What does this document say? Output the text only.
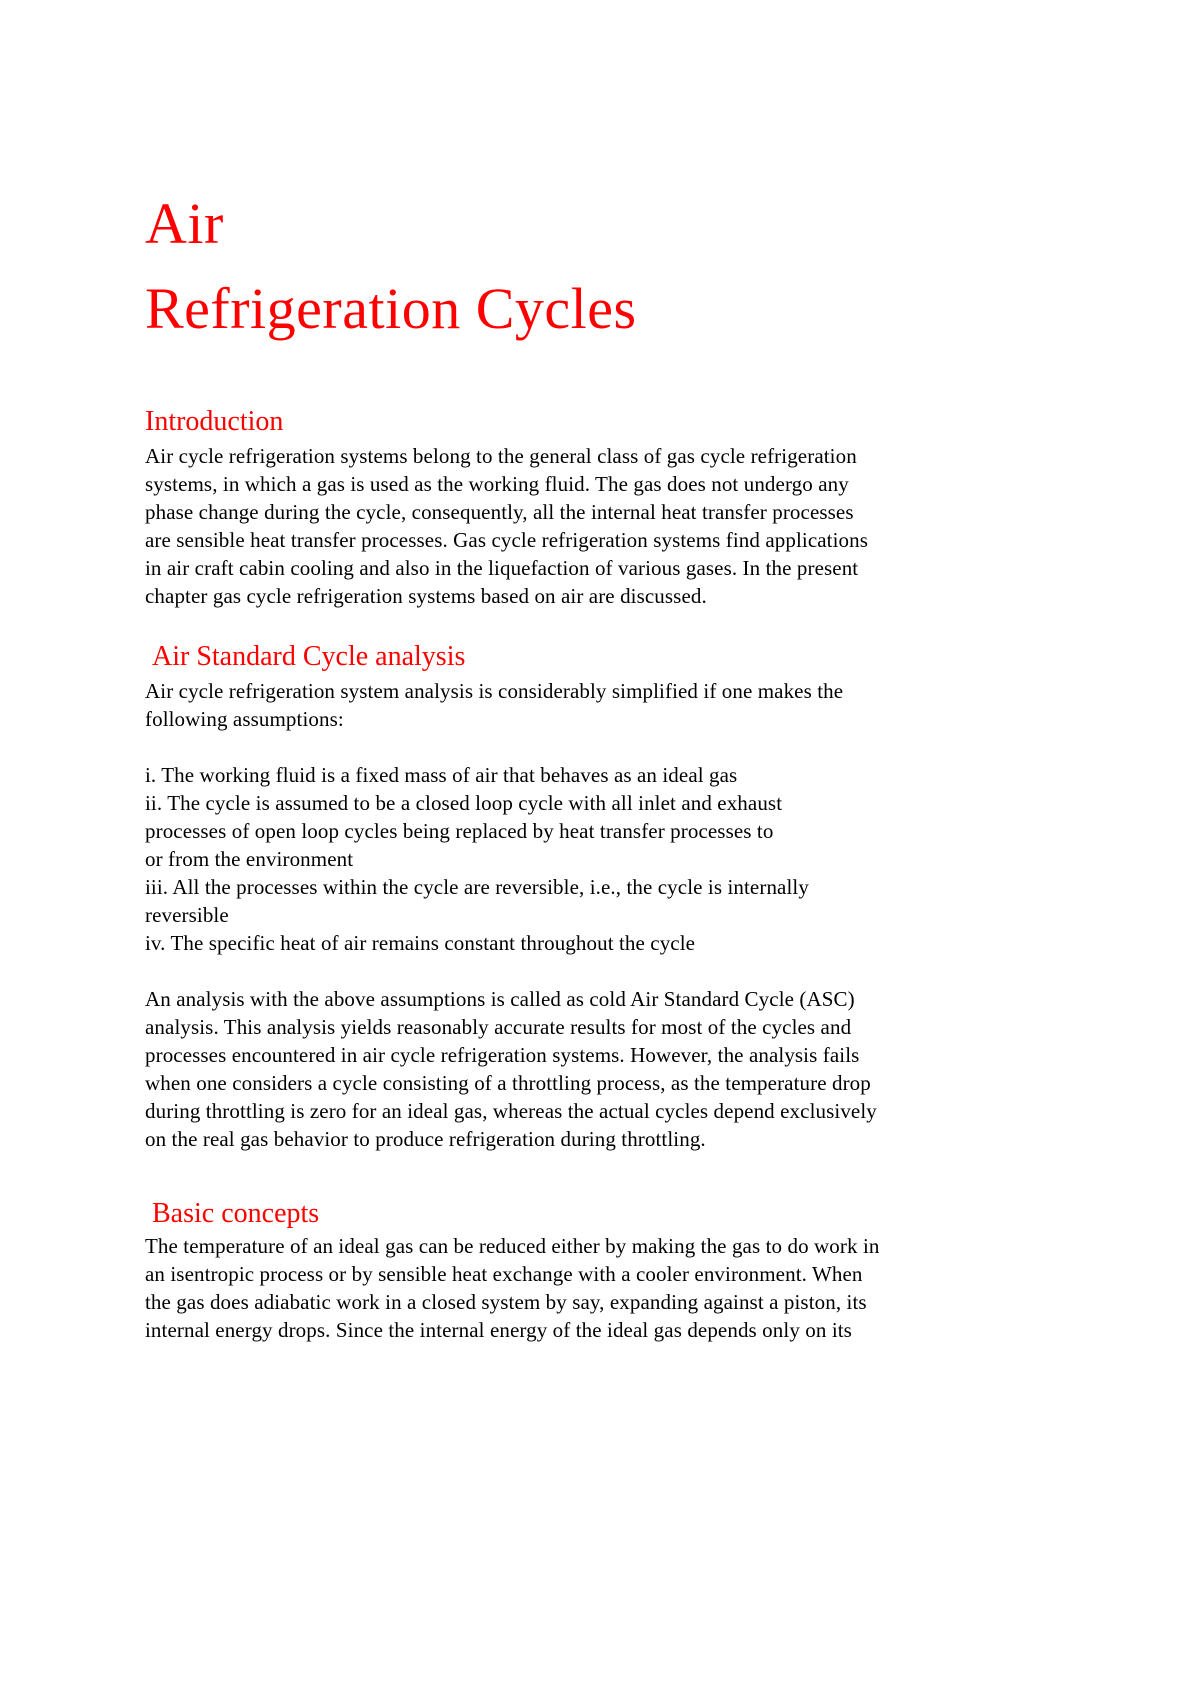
Air
Refrigeration Cycles
Introduction
Air cycle refrigeration systems belong to the general class of gas cycle refrigeration
systems, in which a gas is used as the working fluid. The gas does not undergo any
phase change during the cycle, consequently, all the internal heat transfer processes
are sensible heat transfer processes. Gas cycle refrigeration systems find applications
in air craft cabin cooling and also in the liquefaction of various gases. In the present
chapter gas cycle refrigeration systems based on air are discussed.
Air Standard Cycle analysis
Air cycle refrigeration system analysis is considerably simplified if one makes the
following assumptions:
i. The working fluid is a fixed mass of air that behaves as an ideal gas
ii. The cycle is assumed to be a closed loop cycle with all inlet and exhaust
processes of open loop cycles being replaced by heat transfer processes to
or from the environment
iii. All the processes within the cycle are reversible, i.e., the cycle is internally
reversible
iv. The specific heat of air remains constant throughout the cycle
An analysis with the above assumptions is called as cold Air Standard Cycle (ASC)
analysis. This analysis yields reasonably accurate results for most of the cycles and
processes encountered in air cycle refrigeration systems. However, the analysis fails
when one considers a cycle consisting of a throttling process, as the temperature drop
during throttling is zero for an ideal gas, whereas the actual cycles depend exclusively
on the real gas behavior to produce refrigeration during throttling.
Basic concepts
The temperature of an ideal gas can be reduced either by making the gas to do work in
an isentropic process or by sensible heat exchange with a cooler environment. When
the gas does adiabatic work in a closed system by say, expanding against a piston, its
internal energy drops. Since the internal energy of the ideal gas depends only on its
